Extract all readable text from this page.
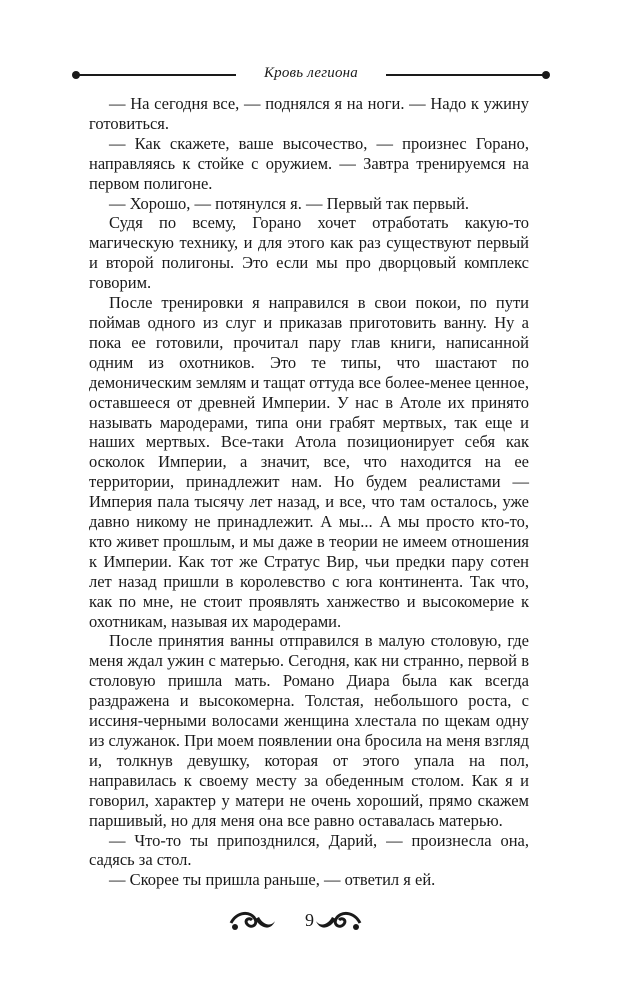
Кровь легиона

— На сегодня все, — поднялся я на ноги. — Надо к ужину готовиться.

— Как скажете, ваше высочество, — произнес Горано, направляясь к стойке с оружием. — Завтра тренируемся на первом полигоне.

— Хорошо, — потянулся я. — Первый так первый.

Судя по всему, Горано хочет отработать какую-то магическую технику, и для этого как раз существуют первый и второй полигоны. Это если мы про дворцовый комплекс говорим.

После тренировки я направился в свои покои, по пути поймав одного из слуг и приказав приготовить ванну. Ну а пока ее готовили, прочитал пару глав книги, написанной одним из охотников. Это те типы, что шастают по демоническим землям и тащат оттуда все более-менее ценное, оставшееся от древней Империи. У нас в Атоле их принято называть мародерами, типа они грабят мертвых, так еще и наших мертвых. Все-таки Атола позиционирует себя как осколок Империи, а значит, все, что находится на ее территории, принадлежит нам. Но будем реалистами — Империя пала тысячу лет назад, и все, что там осталось, уже давно никому не принадлежит. А мы... А мы просто кто-то, кто живет прошлым, и мы даже в теории не имеем отношения к Империи. Как тот же Стратус Вир, чьи предки пару сотен лет назад пришли в королевство с юга континента. Так что, как по мне, не стоит проявлять ханжество и высокомерие к охотникам, называя их мародерами.

После принятия ванны отправился в малую столовую, где меня ждал ужин с матерью. Сегодня, как ни странно, первой в столовую пришла мать. Романо Диара была как всегда раздражена и высокомерна. Толстая, небольшого роста, с иссиня-черными волосами женщина хлестала по щекам одну из служанок. При моем появлении она бросила на меня взгляд и, толкнув девушку, которая от этого упала на пол, направилась к своему месту за обеденным столом. Как я и говорил, характер у матери не очень хороший, прямо скажем паршивый, но для меня она все равно оставалась матерью.

— Что-то ты припозднился, Дарий, — произнесла она, садясь за стол.

— Скорее ты пришла раньше, — ответил я ей.

9
